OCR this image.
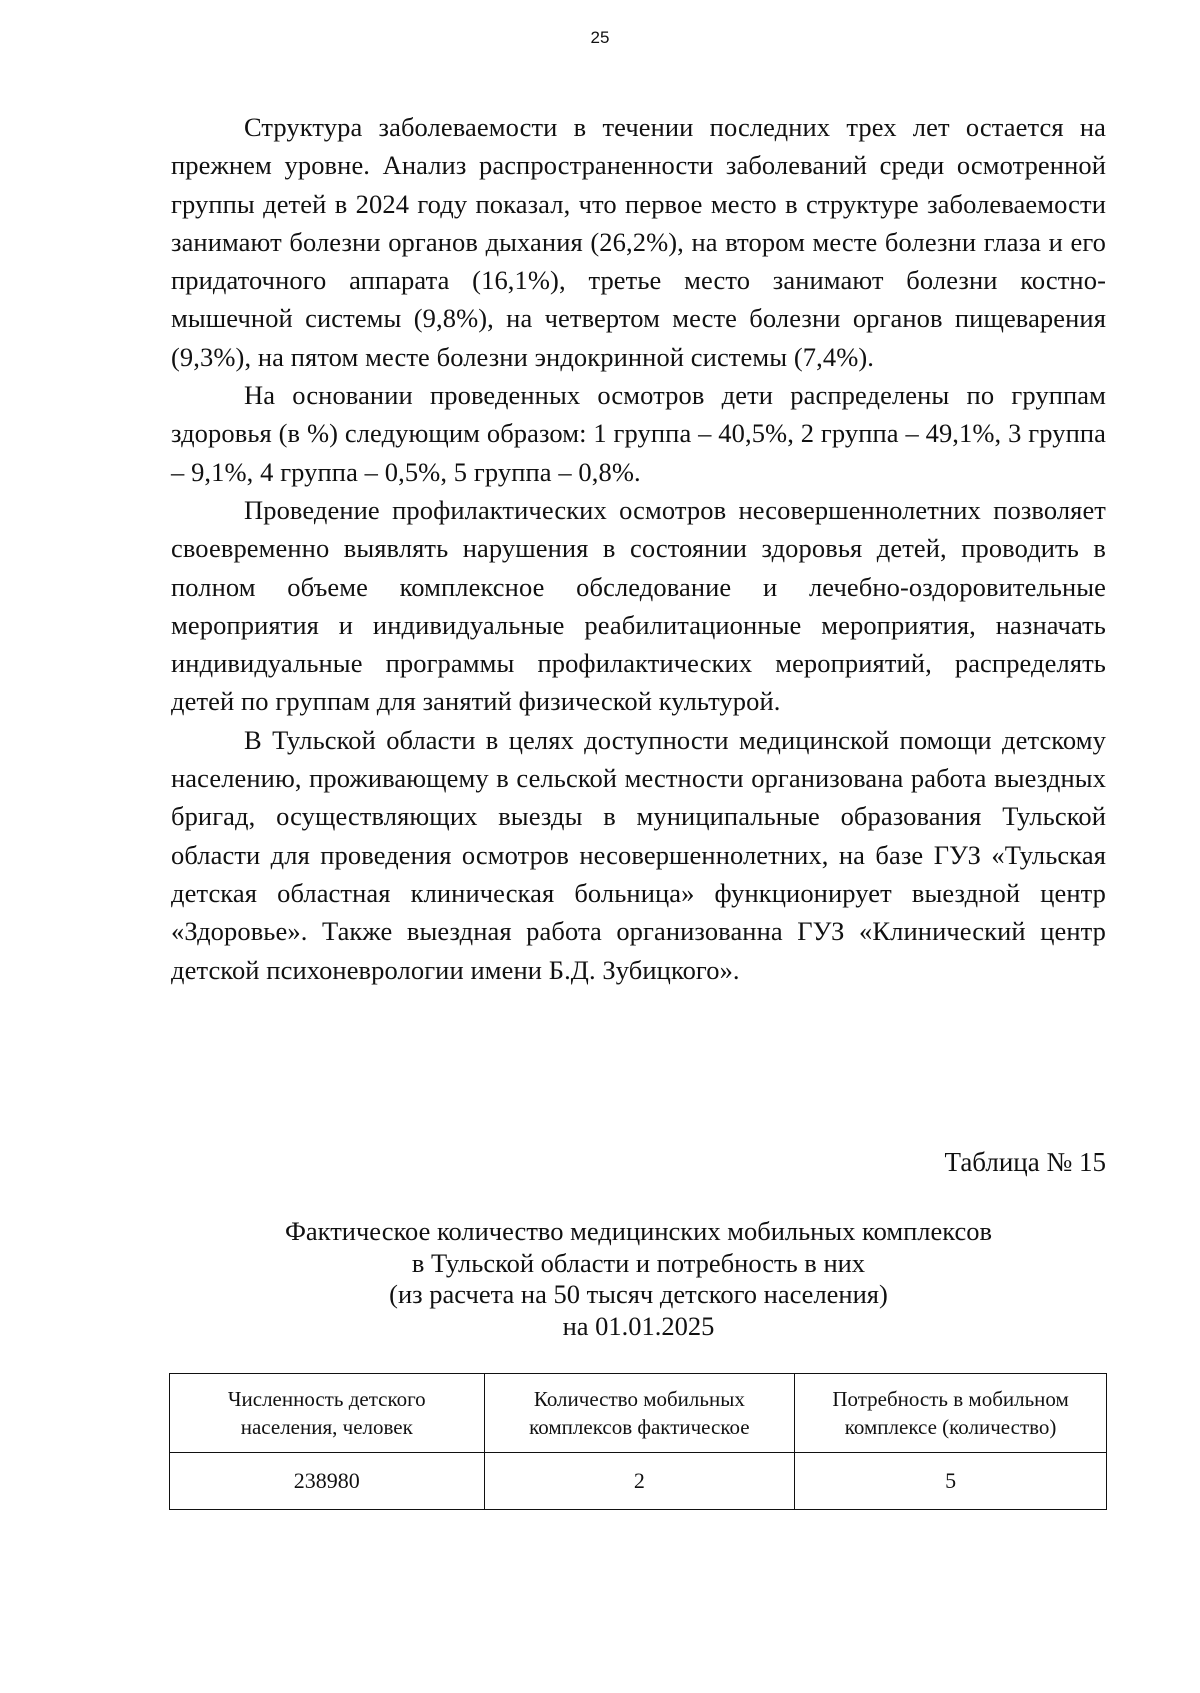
25

Структура заболеваемости в течении последних трех лет остается на прежнем уровне. Анализ распространенности заболеваний среди осмотренной группы детей в 2024 году показал, что первое место в структуре заболеваемости занимают болезни органов дыхания (26,2%), на втором месте болезни глаза и его придаточного аппарата (16,1%), третье место занимают болезни костно-мышечной системы (9,8%), на четвертом месте болезни органов пищеварения (9,3%), на пятом месте болезни эндокринной системы (7,4%).

На основании проведенных осмотров дети распределены по группам здоровья (в %) следующим образом: 1 группа – 40,5%, 2 группа – 49,1%, 3 группа – 9,1%, 4 группа – 0,5%, 5 группа – 0,8%.

Проведение профилактических осмотров несовершеннолетних позволяет своевременно выявлять нарушения в состоянии здоровья детей, проводить в полном объеме комплексное обследование и лечебно-оздоровительные мероприятия и индивидуальные реабилитационные мероприятия, назначать индивидуальные программы профилактических мероприятий, распределять детей по группам для занятий физической культурой.

В Тульской области в целях доступности медицинской помощи детскому населению, проживающему в сельской местности организована работа выездных бригад, осуществляющих выезды в муниципальные образования Тульской области для проведения осмотров несовершеннолетних, на базе ГУЗ «Тульская детская областная клиническая больница» функционирует выездной центр «Здоровье». Также выездная работа организованна ГУЗ «Клинический центр детской психоневрологии имени Б.Д. Зубицкого».

Таблица № 15
Фактическое количество медицинских мобильных комплексов
в Тульской области и потребность в них
(из расчета на 50 тысяч детского населения)
на 01.01.2025
Численность детского населения, человек	Количество мобильных комплексов фактическое	Потребность в мобильном комплексе (количество)
238980	2	5
